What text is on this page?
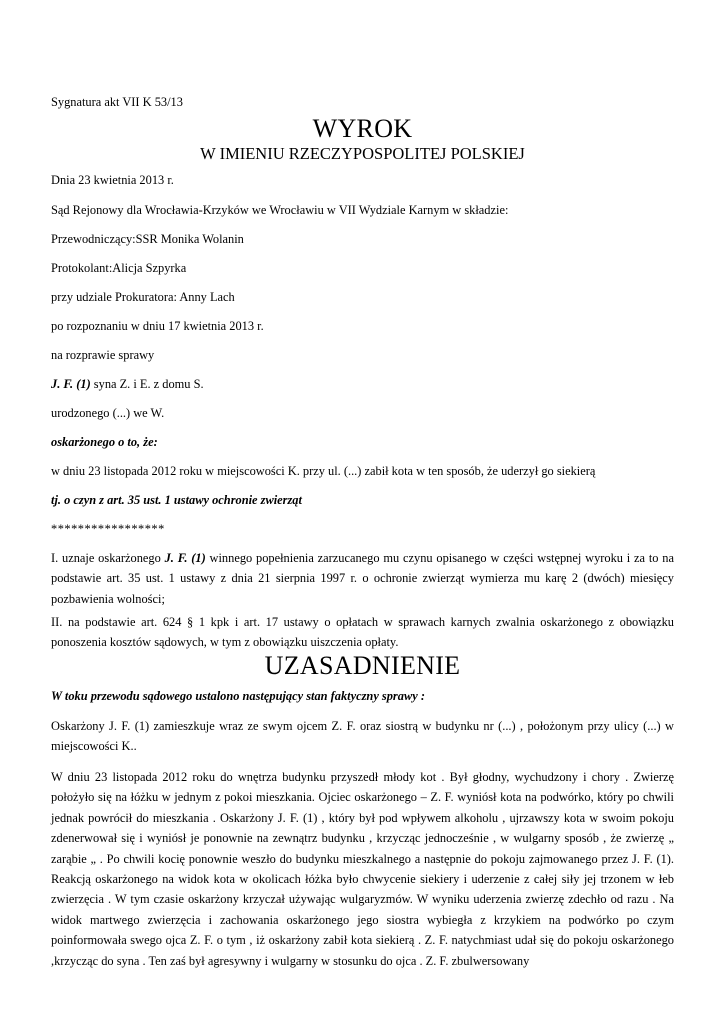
Sygnatura akt VII K 53/13
WYROK
W IMIENIU RZECZYPOSPOLITEJ POLSKIEJ
Dnia 23 kwietnia 2013 r.
Sąd Rejonowy dla Wrocławia-Krzyków we Wrocławiu w VII Wydziale Karnym w składzie:
Przewodniczący:SSR Monika Wolanin
Protokolant:Alicja Szpyrka
przy udziale Prokuratora: Anny Lach
po rozpoznaniu w dniu 17 kwietnia 2013 r.
na rozprawie sprawy
J. F. (1) syna Z. i E. z domu S.
urodzonego (...) we W.
oskarżonego o to, że:
w dniu 23 listopada 2012 roku w miejscowości K. przy ul. (...) zabił kota w ten sposób, że uderzył go siekierą
tj. o czyn z art. 35 ust. 1 ustawy ochronie zwierząt
*****************
I. uznaje oskarżonego J. F. (1) winnego popełnienia zarzucanego mu czynu opisanego w części wstępnej wyroku i za to na podstawie art. 35 ust. 1 ustawy z dnia 21 sierpnia 1997 r. o ochronie zwierząt wymierza mu karę 2 (dwóch) miesięcy pozbawienia wolności;
II. na podstawie art. 624 § 1 kpk i art. 17 ustawy o opłatach w sprawach karnych zwalnia oskarżonego z obowiązku ponoszenia kosztów sądowych, w tym z obowiązku uiszczenia opłaty.
UZASADNIENIE
W toku przewodu sądowego ustalono następujący stan faktyczny sprawy :
Oskarżony J. F. (1) zamieszkuje wraz ze swym ojcem Z. F. oraz siostrą w budynku nr (...) , położonym przy ulicy (...) w miejscowości K..
W dniu 23 listopada 2012 roku do wnętrza budynku przyszedł młody kot . Był głodny, wychudzony i chory . Zwierzę położyło się na łóżku w jednym z pokoi mieszkania. Ojciec oskarżonego – Z. F. wyniósł kota na podwórko, który po chwili jednak powrócił do mieszkania . Oskarżony J. F. (1) , który był pod wpływem alkoholu , ujrzawszy kota w swoim pokoju zdenerwował się i wyniósł je ponownie na zewnątrz budynku , krzycząc jednocześnie , w wulgarny sposób , że zwierzę „ zarąbie „ . Po chwili kocię ponownie weszło do budynku mieszkalnego a następnie do pokoju zajmowanego przez J. F. (1). Reakcją oskarżonego na widok kota w okolicach łóżka było chwycenie siekiery i uderzenie z całej siły jej trzonem w łeb zwierzęcia . W tym czasie oskarżony krzyczał używając wulgaryzmów. W wyniku uderzenia zwierzę zdechło od razu . Na widok martwego zwierzęcia i zachowania oskarżonego jego siostra wybiegła z krzykiem na podwórko po czym poinformowała swego ojca Z. F. o tym , iż oskarżony zabił kota siekierą . Z. F. natychmiast udał się do pokoju oskarżonego ,krzycząc do syna . Ten zaś był agresywny i wulgarny w stosunku do ojca . Z. F. zbulwersowany
